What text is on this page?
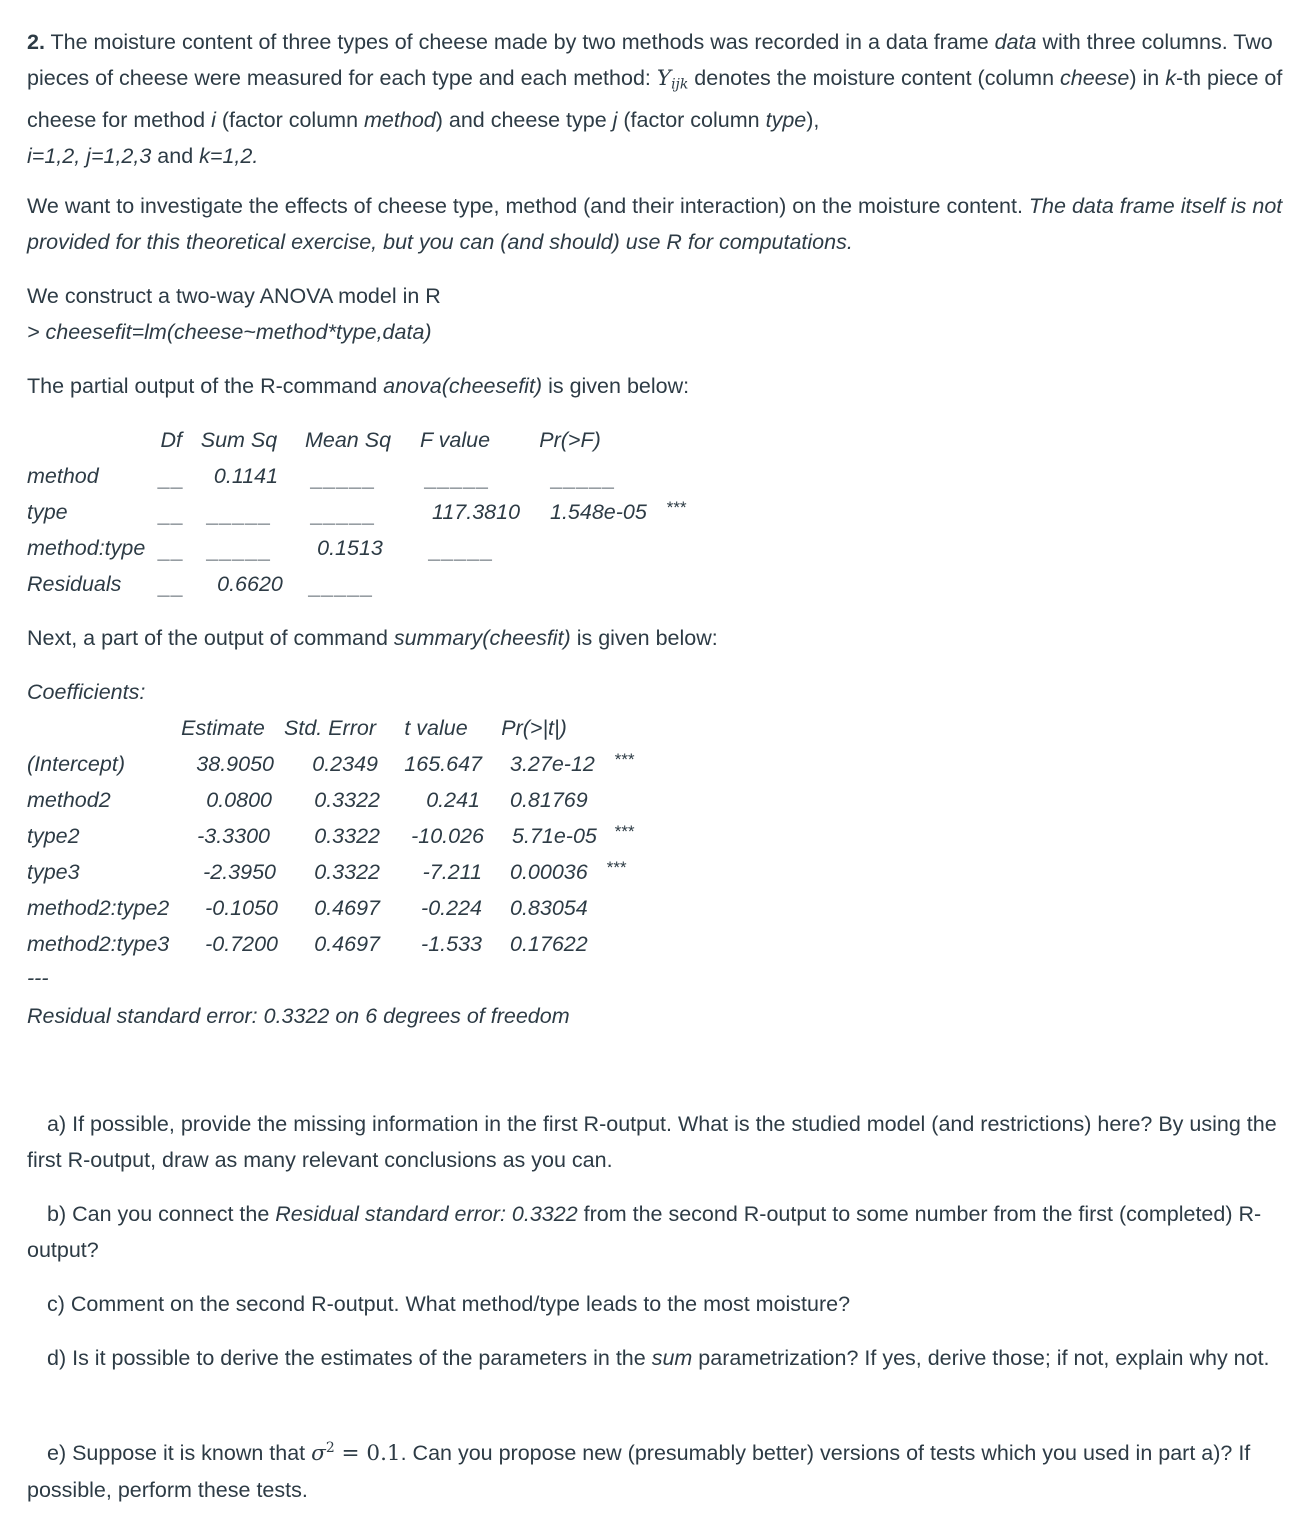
2. The moisture content of three types of cheese made by two methods was recorded in a data frame data with three columns. Two pieces of cheese were measured for each type and each method: $Y_{ijk}$ denotes the moisture content (column cheese) in k-th piece of cheese for method i (factor column method) and cheese type j (factor column type),
i=1,2, j=1,2,3 and k=1,2.

We want to investigate the effects of cheese type, method (and their interaction) on the moisture content. The data frame itself is not provided for this theoretical exercise, but you can (and should) use R for computations.

We construct a two-way ANOVA model in R
> cheesefit=lm(cheese~method*type,data)

The partial output of the R-command anova(cheesefit) is given below:

Df Sum Sq Mean Sq	F value	Pr(>F)
method	__	0.1141	_____ _____	_____
type	__ _____ _____	117.3810	1.548e-05 ***
method:type __ _____	0.1513	_____
Residuals __	0.6620	_____

Next, a part of the output of command summary(cheesfit) is given below:

Coefficients:
Estimate Std. Error	t value	Pr(>|t|)
(Intercept)	38.9050	0.2349	165.647 3.27e-12 ***
method2	0.0800	0.3322	0.241 0.81769
type2	-3.3300	0.3322	-10.026 5.71e-05 ***
type3	-2.3950	0.3322	-7.211 0.00036 ***
method2:type2	-0.1050	0.4697	-0.224 0.83054
method2:type3	-0.7200	0.4697	-1.533 0.17622
---
Residual standard error: 0.3322 on 6 degrees of freedom

a) If possible, provide the missing information in the first R-output. What is the studied model (and restrictions) here? By using the first R-output, draw as many relevant conclusions as you can.

b) Can you connect the Residual standard error: 0.3322 from the second R-output to some number from the first (completed) R-output?

c) Comment on the second R-output. What method/type leads to the most moisture?

d) Is it possible to derive the estimates of the parameters in the sum parametrization? If yes, derive those; if not, explain why not.

e) Suppose it is known that $\sigma^2 = 0.1$. Can you propose new (presumably better) versions of tests which you used in part a)? If possible, perform these tests.
